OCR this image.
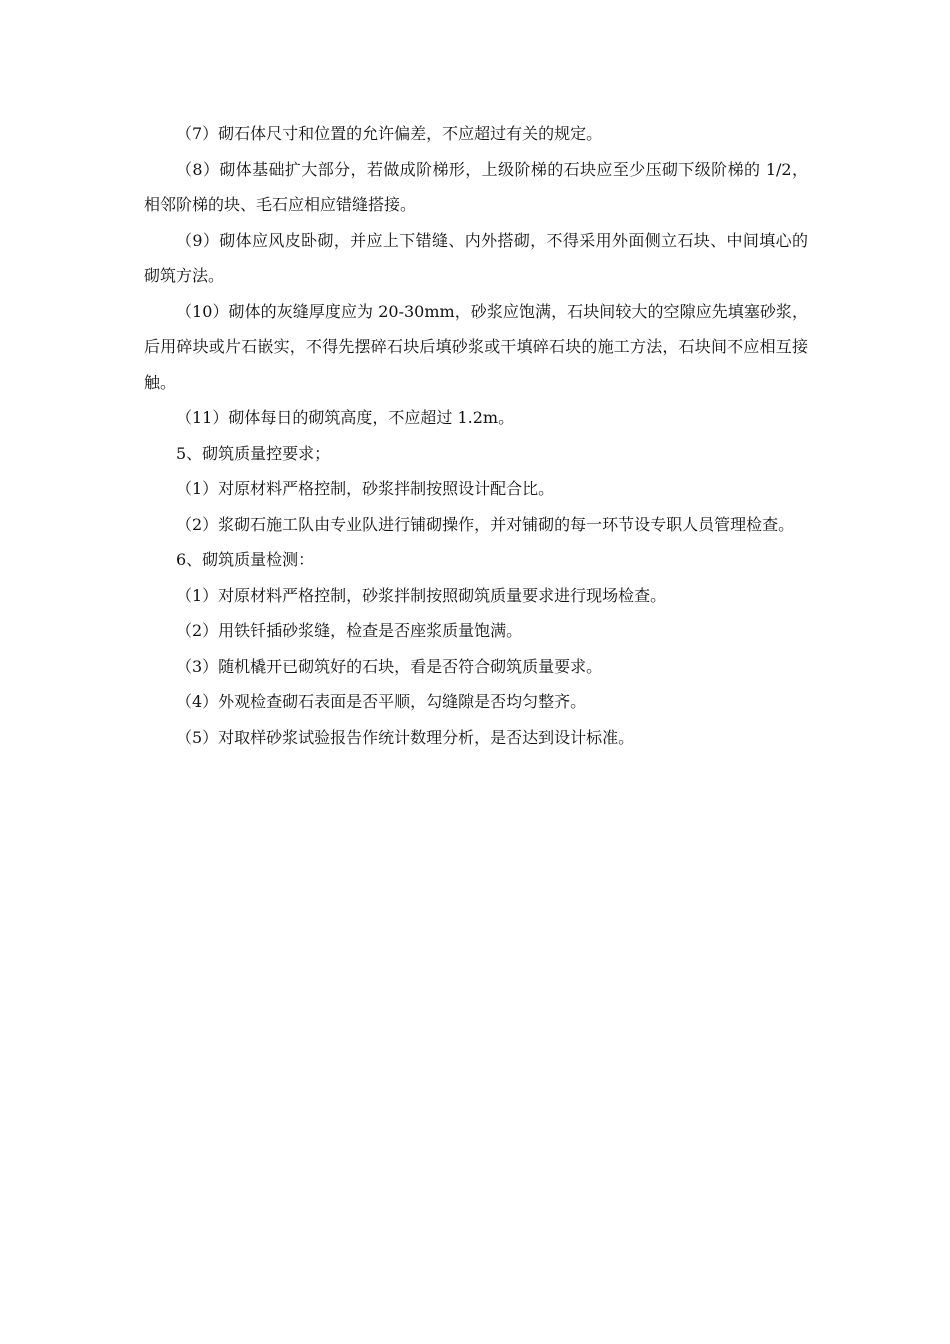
（7）砌石体尺寸和位置的允许偏差，不应超过有关的规定。

（8）砌体基础扩大部分，若做成阶梯形，上级阶梯的石块应至少压砌下级阶梯的 1/2，相邻阶梯的块、毛石应相应错缝搭接。

（9）砌体应风皮卧砌，并应上下错缝、内外搭砌，不得采用外面侧立石块、中间填心的砌筑方法。

（10）砌体的灰缝厚度应为 20-30mm，砂浆应饱满，石块间较大的空隙应先填塞砂浆，后用碎块或片石嵌实，不得先摆碎石块后填砂浆或干填碎石块的施工方法，石块间不应相互接触。

（11）砌体每日的砌筑高度，不应超过 1.2m。

5、砌筑质量控要求；

（1）对原材料严格控制，砂浆拌制按照设计配合比。

（2）浆砌石施工队由专业队进行铺砌操作，并对铺砌的每一环节设专职人员管理检查。

6、砌筑质量检测：

（1）对原材料严格控制，砂浆拌制按照砌筑质量要求进行现场检查。

（2）用铁钎插砂浆缝，检查是否座浆质量饱满。

（3）随机橇开已砌筑好的石块，看是否符合砌筑质量要求。

（4）外观检查砌石表面是否平顺，勾缝隙是否均匀整齐。

（5）对取样砂浆试验报告作统计数理分析，是否达到设计标准。
